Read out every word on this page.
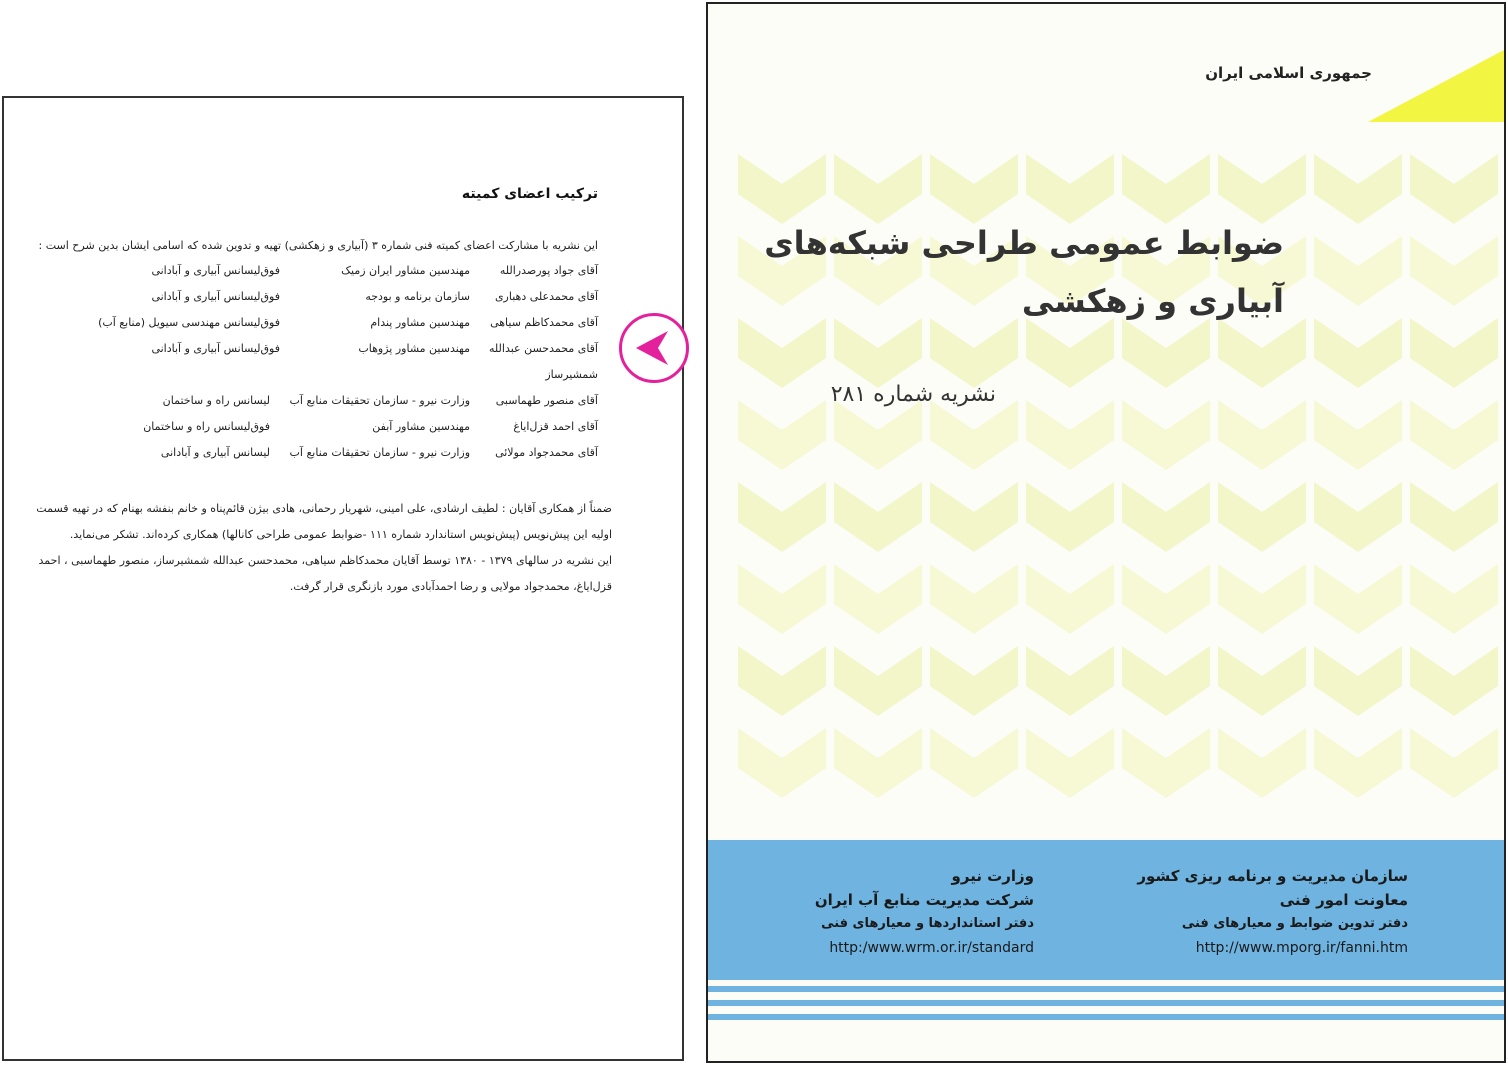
ترکیب اعضای کمیته
این نشریه با مشارکت اعضای کمیته فنی شماره ۳ (آبیاری و زهکشی) تهیه و تدوین شده که اسامی ایشان بدین شرح است :
آقای جواد پورصدرالله
مهندسین مشاور ایران زمیک
فوق‌لیسانس آبیاری و آبادانی
آقای محمدعلی دهباری
سازمان برنامه و بودجه
فوق‌لیسانس آبیاری و آبادانی
آقای محمدکاظم سیاهی
مهندسین مشاور پندام
فوق‌لیسانس مهندسی سیویل (منابع آب)
آقای محمدحسن عبدالله
مهندسین مشاور پژوهاب
فوق‌لیسانس آبیاری و آبادانی
شمشیرساز
آقای منصور طهماسبی
وزارت نیرو - سازمان تحقیقات منابع آب
لیسانس راه و ساختمان
آقای احمد قزل‌ایاغ
مهندسین مشاور آبفن
فوق‌لیسانس راه و ساختمان
آقای محمدجواد مولائی
وزارت نیرو - سازمان تحقیقات منابع آب
لیسانس آبیاری و آبادانی

ضمناً از همکاری آقایان : لطیف ارشادی، علی امینی، شهریار رحمانی، هادی بیژن قائم‌پناه و خانم بنفشه بهنام که در تهیه قسمت

اولیه این پیش‌نویس (پیش‌نویس استاندارد شماره ۱۱۱ -ضوابط عمومی طراحی کانالها) همکاری کرده‌اند. تشکر می‌نماید.

این نشریه در سالهای ۱۳۷۹ - ۱۳۸۰ توسط آقایان محمدکاظم سیاهی، محمدحسن عبدالله شمشیرساز، منصور طهماسبی ، احمد

قزل‌ایاغ، محمدجواد مولایی و رضا احمدآبادی مورد بازنگری قرار گرفت.

جمهوری اسلامی ایران
ضوابط عمومی طراحی شبکه‌های
آبیاری و زهکشی
نشریه شماره ۲۸۱
سازمان مدیریت و برنامه ریزی کشور
معاونت امور فنی
دفتر تدوین ضوابط و معیارهای فنی
http://www.mporg.ir/fanni.htm
وزارت نیرو
شرکت مدیریت منابع آب ایران
دفتر استانداردها و معیارهای فنی
http:/www.wrm.or.ir/standard
